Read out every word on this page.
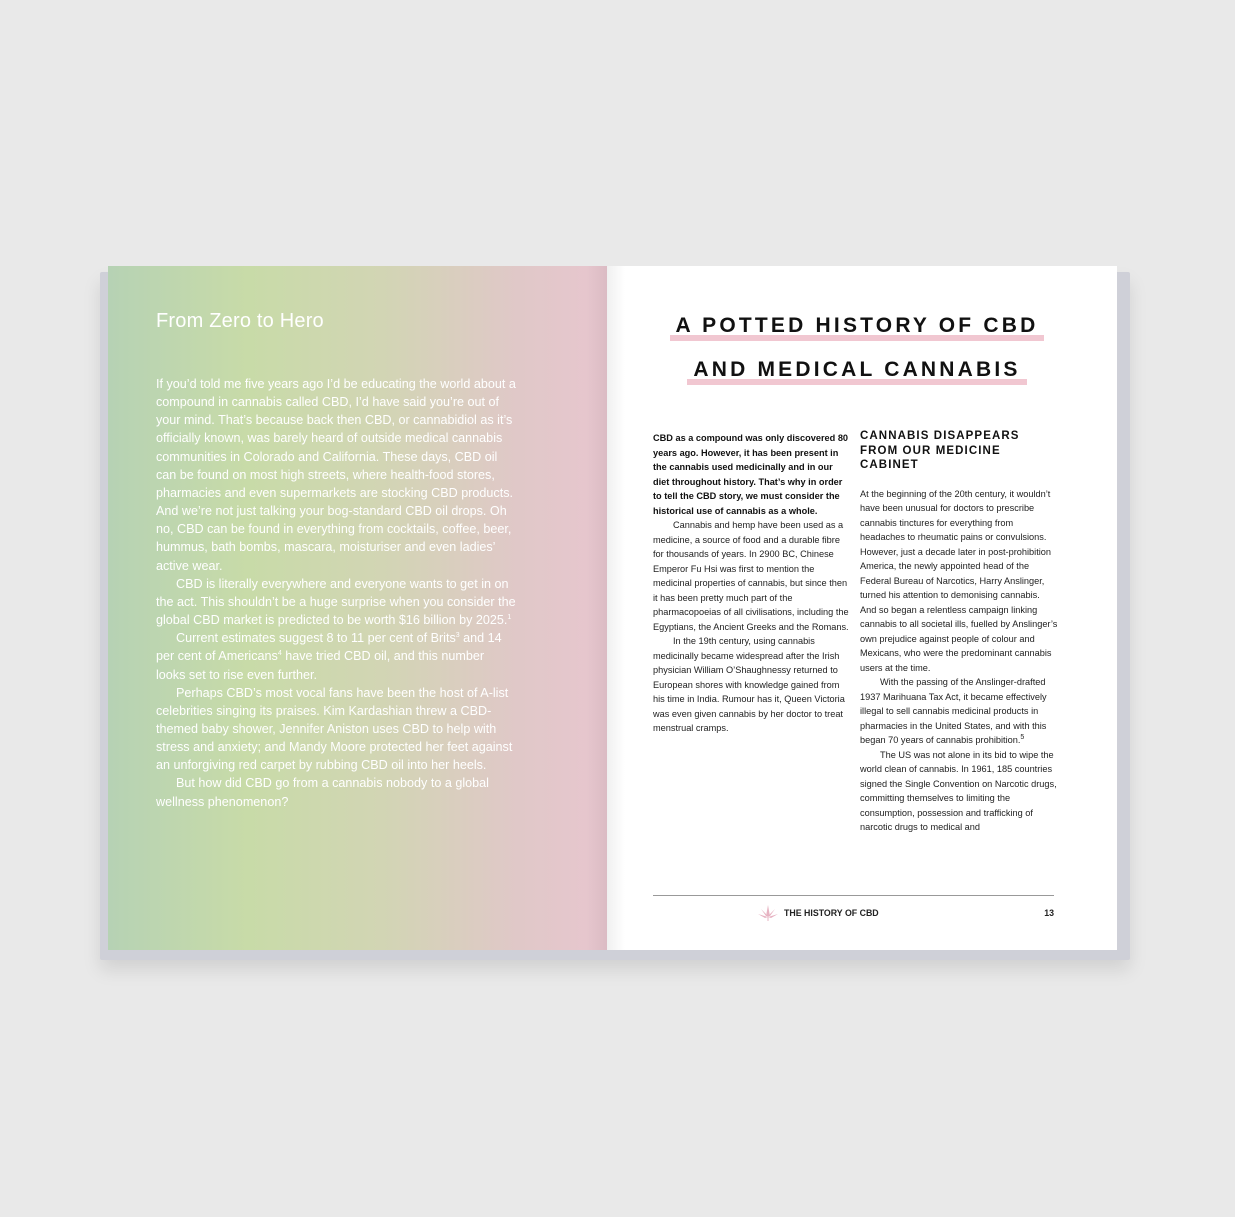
From Zero to Hero

If you’d told me five years ago I’d be educating the world about a compound in cannabis called CBD, I’d have said you’re out of your mind. That’s because back then CBD, or cannabidiol as it’s officially known, was barely heard of outside medical cannabis communities in Colorado and California. These days, CBD oil can be found on most high streets, where health-food stores, pharmacies and even supermarkets are stocking CBD products. And we’re not just talking your bog-standard CBD oil drops. Oh no, CBD can be found in everything from cocktails, coffee, beer, hummus, bath bombs, mascara, moisturiser and even ladies’ active wear.

CBD is literally everywhere and everyone wants to get in on the act. This shouldn’t be a huge surprise when you consider the global CBD market is predicted to be worth $16 billion by 2025.$^1$

Current estimates suggest 8 to 11 per cent of Brits$^3$ and 14 per cent of Americans$^4$ have tried CBD oil, and this number looks set to rise even further.

Perhaps CBD’s most vocal fans have been the host of A-list celebrities singing its praises. Kim Kardashian threw a CBD-themed baby shower, Jennifer Aniston uses CBD to help with stress and anxiety; and Mandy Moore protected her feet against an unforgiving red carpet by rubbing CBD oil into her heels.

But how did CBD go from a cannabis nobody to a global wellness phenomenon?

A POTTED HISTORY OF CBD
AND MEDICAL CANNABIS

CBD as a compound was only discovered 80 years ago. However, it has been present in the cannabis used medicinally and in our diet throughout history. That’s why in order to tell the CBD story, we must consider the historical use of cannabis as a whole.

Cannabis and hemp have been used as a medicine, a source of food and a durable fibre for thousands of years. In 2900 BC, Chinese Emperor Fu Hsi was first to mention the medicinal properties of cannabis, but since then it has been pretty much part of the pharmacopoeias of all civilisations, including the Egyptians, the Ancient Greeks and the Romans.

In the 19th century, using cannabis medicinally became widespread after the Irish physician William O’Shaughnessy returned to European shores with knowledge gained from his time in India. Rumour has it, Queen Victoria was even given cannabis by her doctor to treat menstrual cramps.

CANNABIS DISAPPEARS FROM OUR MEDICINE CABINET

At the beginning of the 20th century, it wouldn’t have been unusual for doctors to prescribe cannabis tinctures for everything from headaches to rheumatic pains or convulsions. However, just a decade later in post-prohibition America, the newly appointed head of the Federal Bureau of Narcotics, Harry Anslinger, turned his attention to demonising cannabis. And so began a relentless campaign linking cannabis to all societal ills, fuelled by Anslinger’s own prejudice against people of colour and Mexicans, who were the predominant cannabis users at the time.

With the passing of the Anslinger-drafted 1937 Marihuana Tax Act, it became effectively illegal to sell cannabis medicinal products in pharmacies in the United States, and with this began 70 years of cannabis prohibition.$^5$

The US was not alone in its bid to wipe the world clean of cannabis. In 1961, 185 countries signed the Single Convention on Narcotic drugs, committing themselves to limiting the consumption, possession and trafficking of narcotic drugs to medical and

THE HISTORY OF CBD	13
